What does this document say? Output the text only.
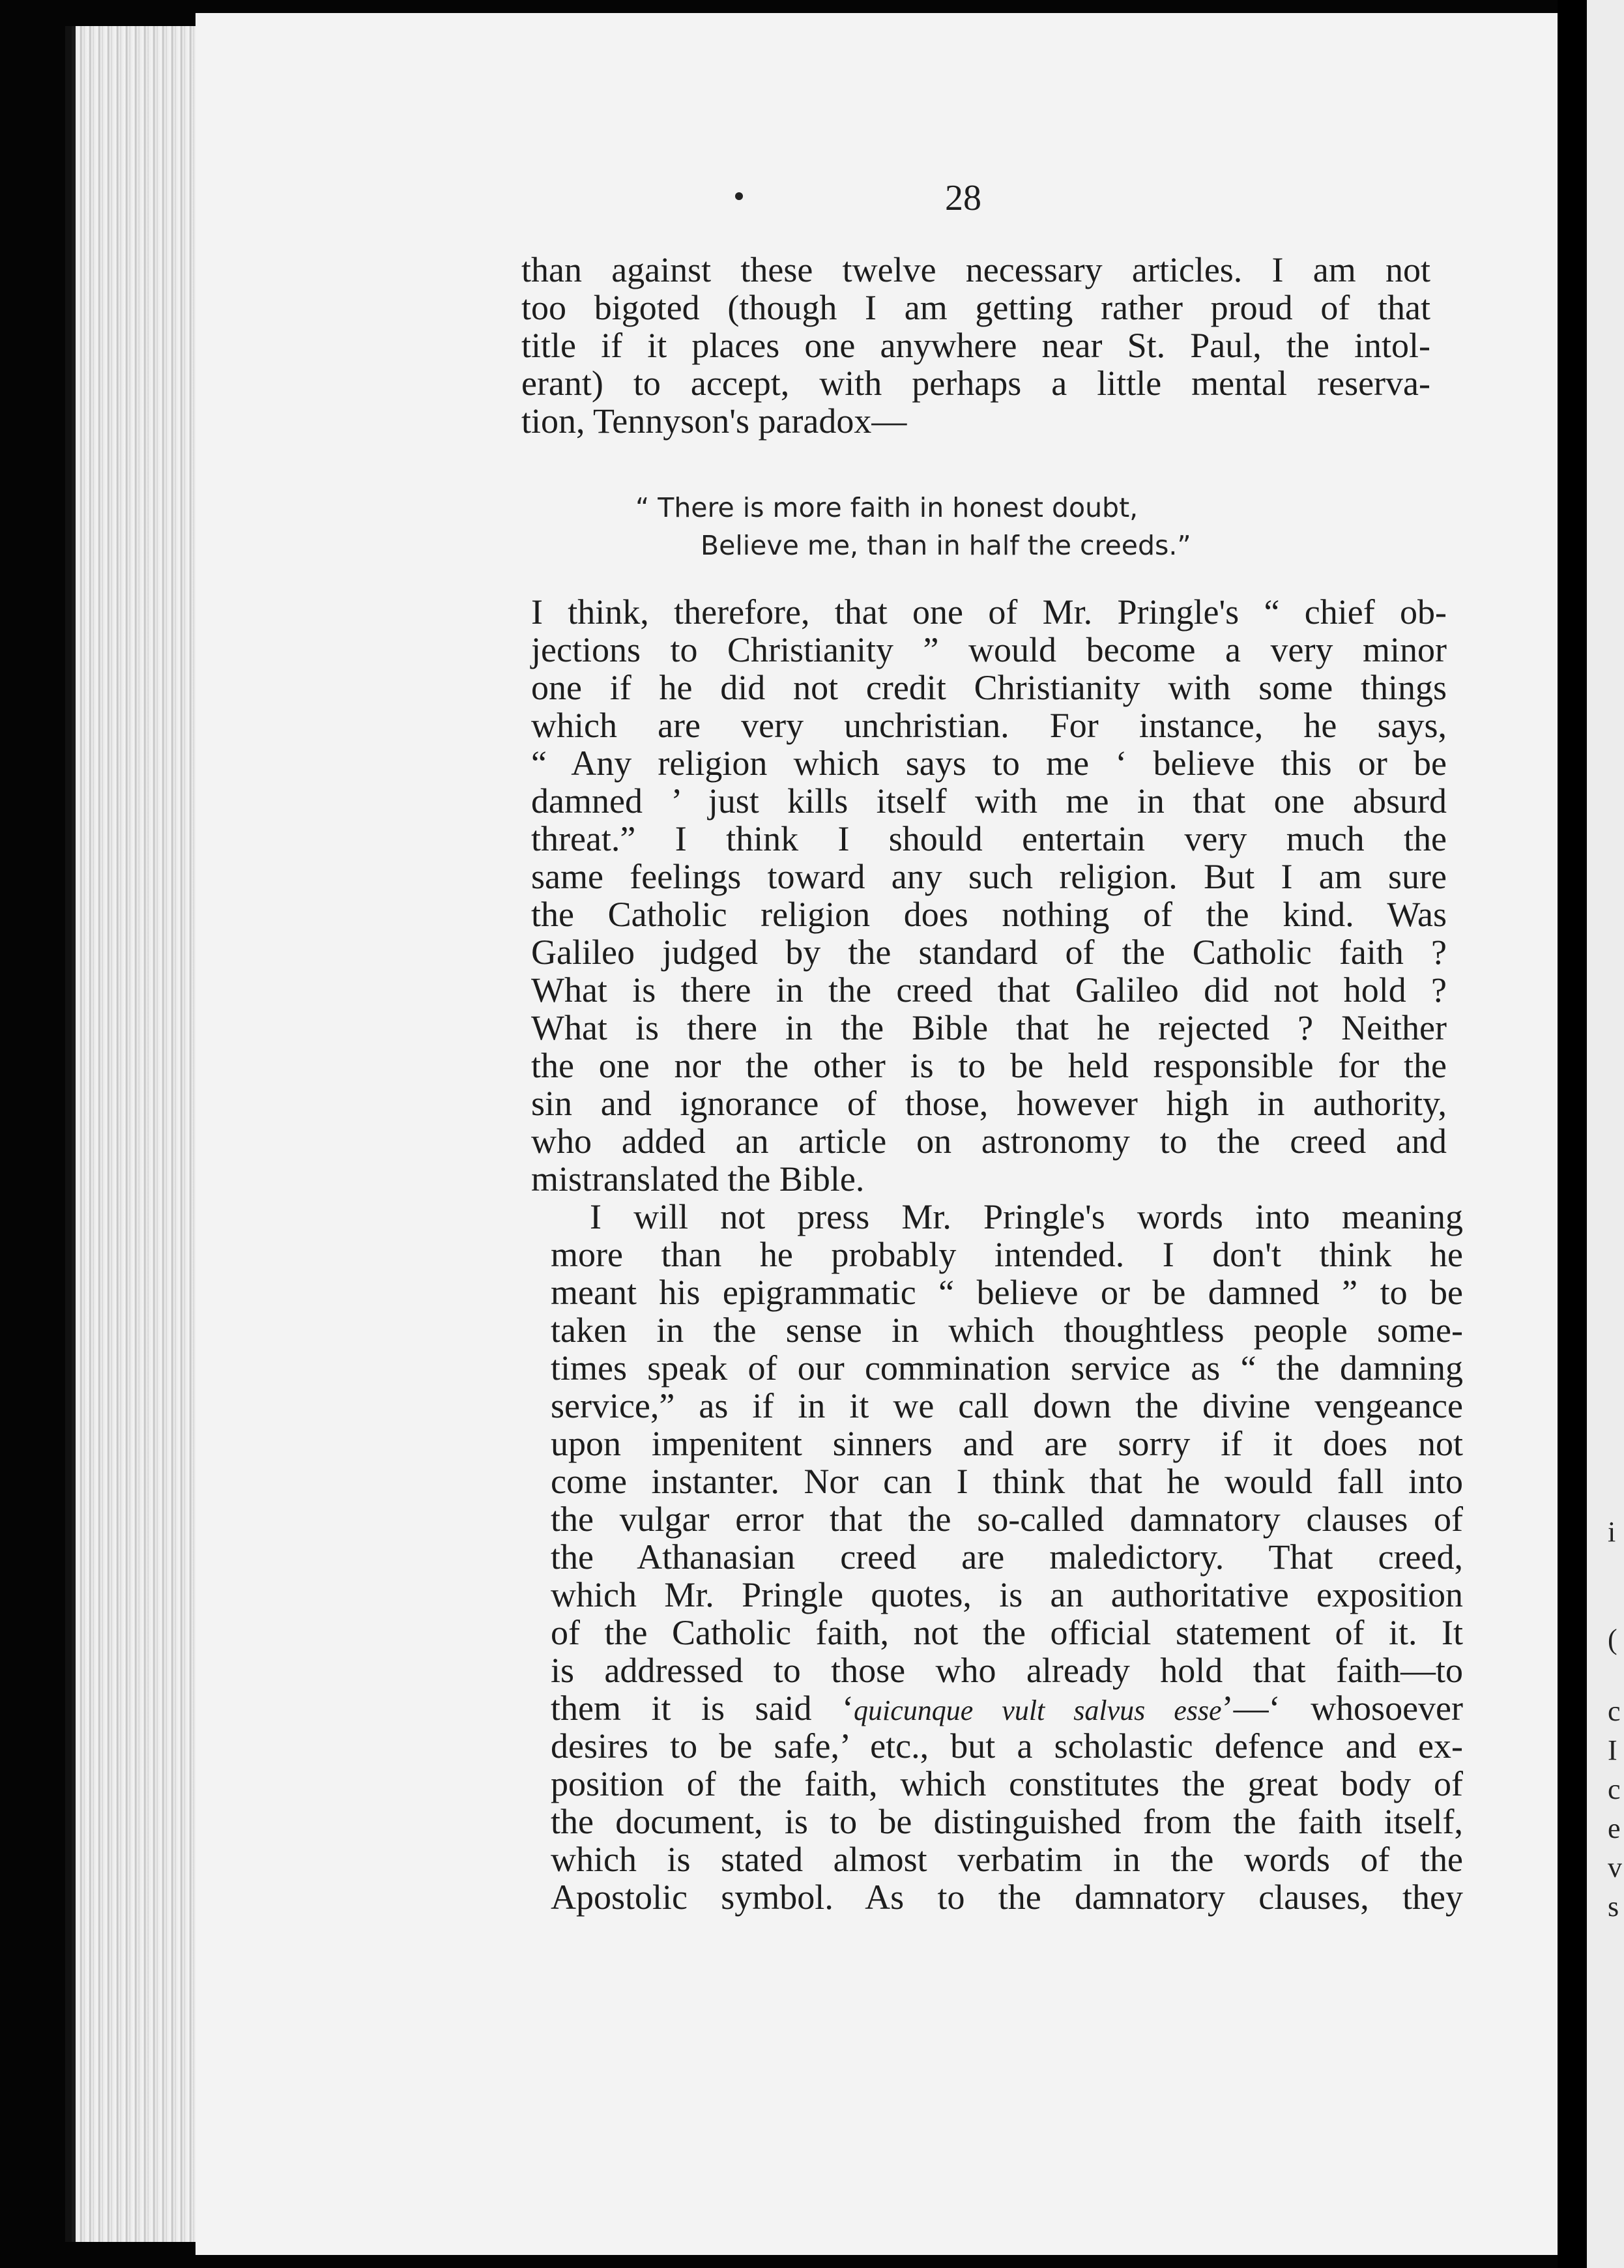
i
(
c
I
c
e
v
s
28
than against these twelve necessary articles. I am not
too bigoted (though I am getting rather proud of that
title if it places one anywhere near St. Paul, the intol-
erant) to accept, with perhaps a little mental reserva-
tion, Tennyson's paradox—
“ There is more faith in honest doubt,
Believe me, than in half the creeds.”
I think, therefore, that one of Mr. Pringle's “ chief ob-
jections to Christianity ” would become a very minor
one if he did not credit Christianity with some things
which are very unchristian. For instance, he says,
“ Any religion which says to me ‘ believe this or be
damned ’ just kills itself with me in that one absurd
threat.” I think I should entertain very much the
same feelings toward any such religion. But I am sure
the Catholic religion does nothing of the kind. Was
Galileo judged by the standard of the Catholic faith ?
What is there in the creed that Galileo did not hold ?
What is there in the Bible that he rejected ? Neither
the one nor the other is to be held responsible for the
sin and ignorance of those, however high in authority,
who added an article on astronomy to the creed and
mistranslated the Bible.
I will not press Mr. Pringle's words into meaning
more than he probably intended. I don't think he
meant his epigrammatic “ believe or be damned ” to be
taken in the sense in which thoughtless people some-
times speak of our commination service as “ the damning
service,” as if in it we call down the divine vengeance
upon impenitent sinners and are sorry if it does not
come instanter. Nor can I think that he would fall into
the vulgar error that the so-called damnatory clauses of
the Athanasian creed are maledictory. That creed,
which Mr. Pringle quotes, is an authoritative exposition
of the Catholic faith, not the official statement of it. It
is addressed to those who already hold that faith—to
them it is said ‘quicunque vult salvus esse’—‘ whosoever
desires to be safe,’ etc., but a scholastic defence and ex-
position of the faith, which constitutes the great body of
the document, is to be distinguished from the faith itself,
which is stated almost verbatim in the words of the
Apostolic symbol. As to the damnatory clauses, they
